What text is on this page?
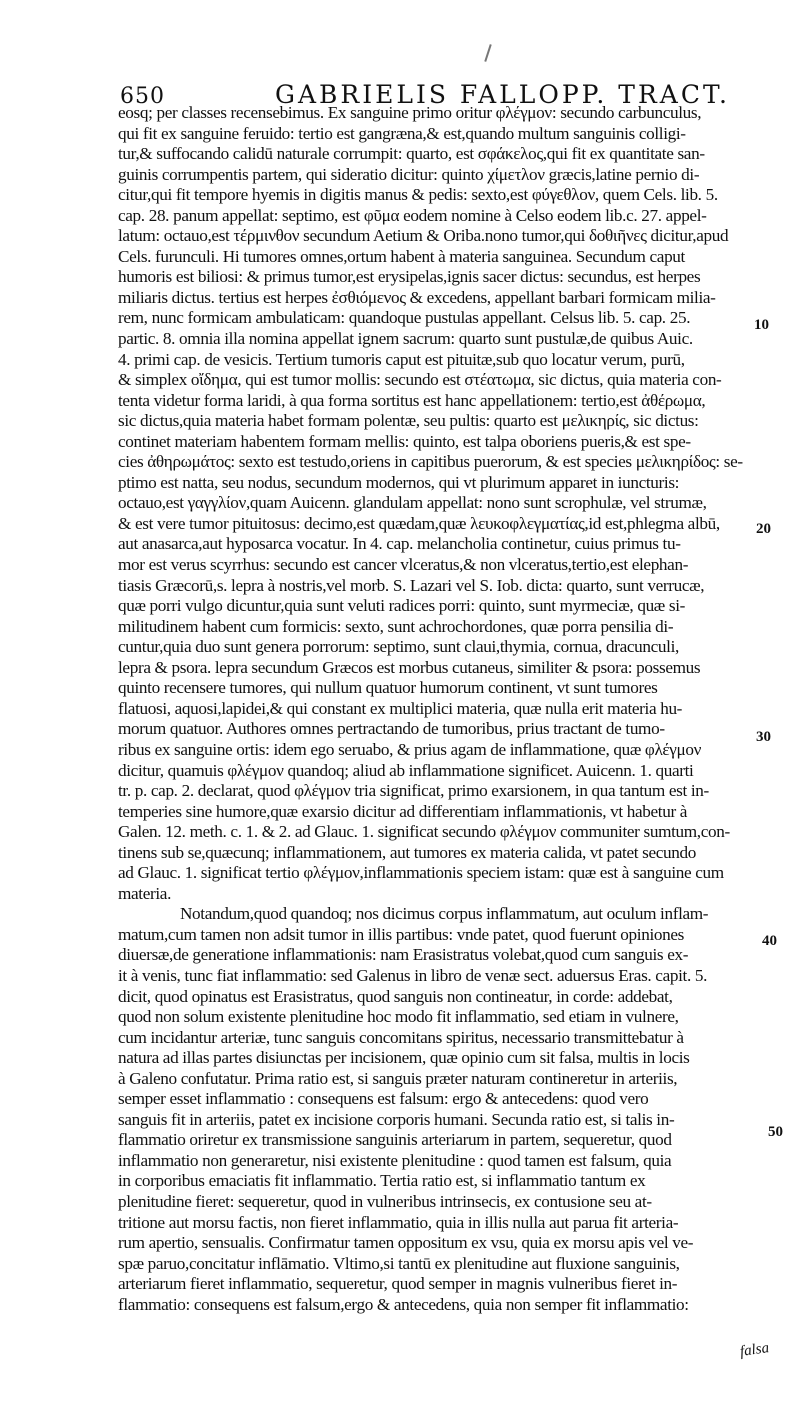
650	GABRIELIS FALLOPP. TRACT.
eosq; per classes recensebimus. Ex sanguine primo oritur φλέγμον: secundo carbunculus,
qui fit ex sanguine feruido: tertio est gangræna,& est,quando multum sanguinis colligi-
tur,& suffocando calidū naturale corrumpit: quarto, est σφάκελος,qui fit ex quantitate san-
guinis corrumpentis partem, qui sideratio dicitur: quinto χίμετλον græcis,latine pernio di-
citur,qui fit tempore hyemis in digitis manus & pedis: sexto,est φύγεθλον, quem Cels. lib. 5.
cap. 28. panum appellat: septimo, est φῦμα eodem nomine à Celso eodem lib.c. 27. appel-
latum: octauo,est τέρμινθον secundum Aetium & Oriba.nono tumor,qui δοθιῆνες dicitur,apud
Cels. furunculi. Hi tumores omnes,ortum habent à materia sanguinea. Secundum caput
humoris est biliosi: & primus tumor,est erysipelas,ignis sacer dictus: secundus, est herpes
miliaris dictus. tertius est herpes ἐσθιόμενος & excedens, appellant barbari formicam milia-
rem, nunc formicam ambulaticam: quandoque pustulas appellant. Celsus lib. 5. cap. 25.
partic. 8. omnia illa nomina appellat ignem sacrum: quarto sunt pustulæ,de quibus Auic.
4. primi cap. de vesicis. Tertium tumoris caput est pituitæ,sub quo locatur verum, purū,
& simplex οἴδημα, qui est tumor mollis: secundo est στέατωμα, sic dictus, quia materia con-
tenta videtur forma laridi, à qua forma sortitus est hanc appellationem: tertio,est ἀθέρωμα,
sic dictus,quia materia habet formam polentæ, seu pultis: quarto est μελικηρίς, sic dictus:
continet materiam habentem formam mellis: quinto, est talpa oboriens pueris,& est spe-
cies ἀθηρωμάτος: sexto est testudo,oriens in capitibus puerorum, & est species μελικηρίδος: se-
ptimo est natta, seu nodus, secundum modernos, qui vt plurimum apparet in iuncturis:
octauo,est γαγγλίον,quam Auicenn. glandulam appellat: nono sunt scrophulæ, vel strumæ,
& est vere tumor pituitosus: decimo,est quædam,quæ λευκοφλεγματίας,id est,phlegma albū,
aut anasarca,aut hyposarca vocatur. In 4. cap. melancholia continetur, cuius primus tu-
mor est verus scyrrhus: secundo est cancer vlceratus,& non vlceratus,tertio,est elephan-
tiasis Græcorū,s. lepra à nostris,vel morb. S. Lazari vel S. Iob. dicta: quarto, sunt verrucæ,
quæ porri vulgo dicuntur,quia sunt veluti radices porri: quinto, sunt myrmeciæ, quæ si-
militudinem habent cum formicis: sexto, sunt achrochordones, quæ porra pensilia di-
cuntur,quia duo sunt genera porrorum: septimo, sunt claui,thymia, cornua, dracunculi,
lepra & psora. lepra secundum Græcos est morbus cutaneus, similiter & psora: possemus
quinto recensere tumores, qui nullum quatuor humorum continent, vt sunt tumores
flatuosi, aquosi,lapidei,& qui constant ex multiplici materia, quæ nulla erit materia hu-
morum quatuor. Authores omnes pertractando de tumoribus, prius tractant de tumo-
ribus ex sanguine ortis: idem ego seruabo, & prius agam de inflammatione, quæ φλέγμον
dicitur, quamuis φλέγμον quandoq; aliud ab inflammatione significet. Auicenn. 1. quarti
tr. p. cap. 2. declarat, quod φλέγμον tria significat, primo exarsionem, in qua tantum est in-
temperies sine humore,quæ exarsio dicitur ad differentiam inflammationis, vt habetur à
Galen. 12. meth. c. 1. & 2. ad Glauc. 1. significat secundo φλέγμον communiter sumtum,con-
tinens sub se,quæcunq; inflammationem, aut tumores ex materia calida, vt patet secundo
ad Glauc. 1. significat tertio φλέγμον,inflammationis speciem istam: quæ est à sanguine cum
materia.
Notandum,quod quandoq; nos dicimus corpus inflammatum, aut oculum inflam-
matum,cum tamen non adsit tumor in illis partibus: vnde patet, quod fuerunt opiniones
diuersæ,de generatione inflammationis: nam Erasistratus volebat,quod cum sanguis ex-
it à venis, tunc fiat inflammatio: sed Galenus in libro de venæ sect. aduersus Eras. capit. 5.
dicit, quod opinatus est Erasistratus, quod sanguis non contineatur, in corde: addebat,
quod non solum existente plenitudine hoc modo fit inflammatio, sed etiam in vulnere,
cum incidantur arteriæ, tunc sanguis concomitans spiritus, necessario transmittebatur à
natura ad illas partes disiunctas per incisionem, quæ opinio cum sit falsa, multis in locis
à Galeno confutatur. Prima ratio est, si sanguis præter naturam contineretur in arteriis,
semper esset inflammatio : consequens est falsum: ergo & antecedens: quod vero
sanguis fit in arteriis, patet ex incisione corporis humani. Secunda ratio est, si talis in-
flammatio oriretur ex transmissione sanguinis arteriarum in partem, sequeretur, quod
inflammatio non generaretur, nisi existente plenitudine : quod tamen est falsum, quia
in corporibus emaciatis fit inflammatio. Tertia ratio est, si inflammatio tantum ex
plenitudine fieret: sequeretur, quod in vulneribus intrinsecis, ex contusione seu at-
tritione aut morsu factis, non fieret inflammatio, quia in illis nulla aut parua fit arteria-
rum apertio, sensualis. Confirmatur tamen oppositum ex vsu, quia ex morsu apis vel ve-
spæ paruo,concitatur inflāmatio. Vltimo,si tantū ex plenitudine aut fluxione sanguinis,
arteriarum fieret inflammatio, sequeretur, quod semper in magnis vulneribus fieret in-
flammatio: consequens est falsum,ergo & antecedens, quia non semper fit inflammatio:
10
20
30
40
50
falsa
